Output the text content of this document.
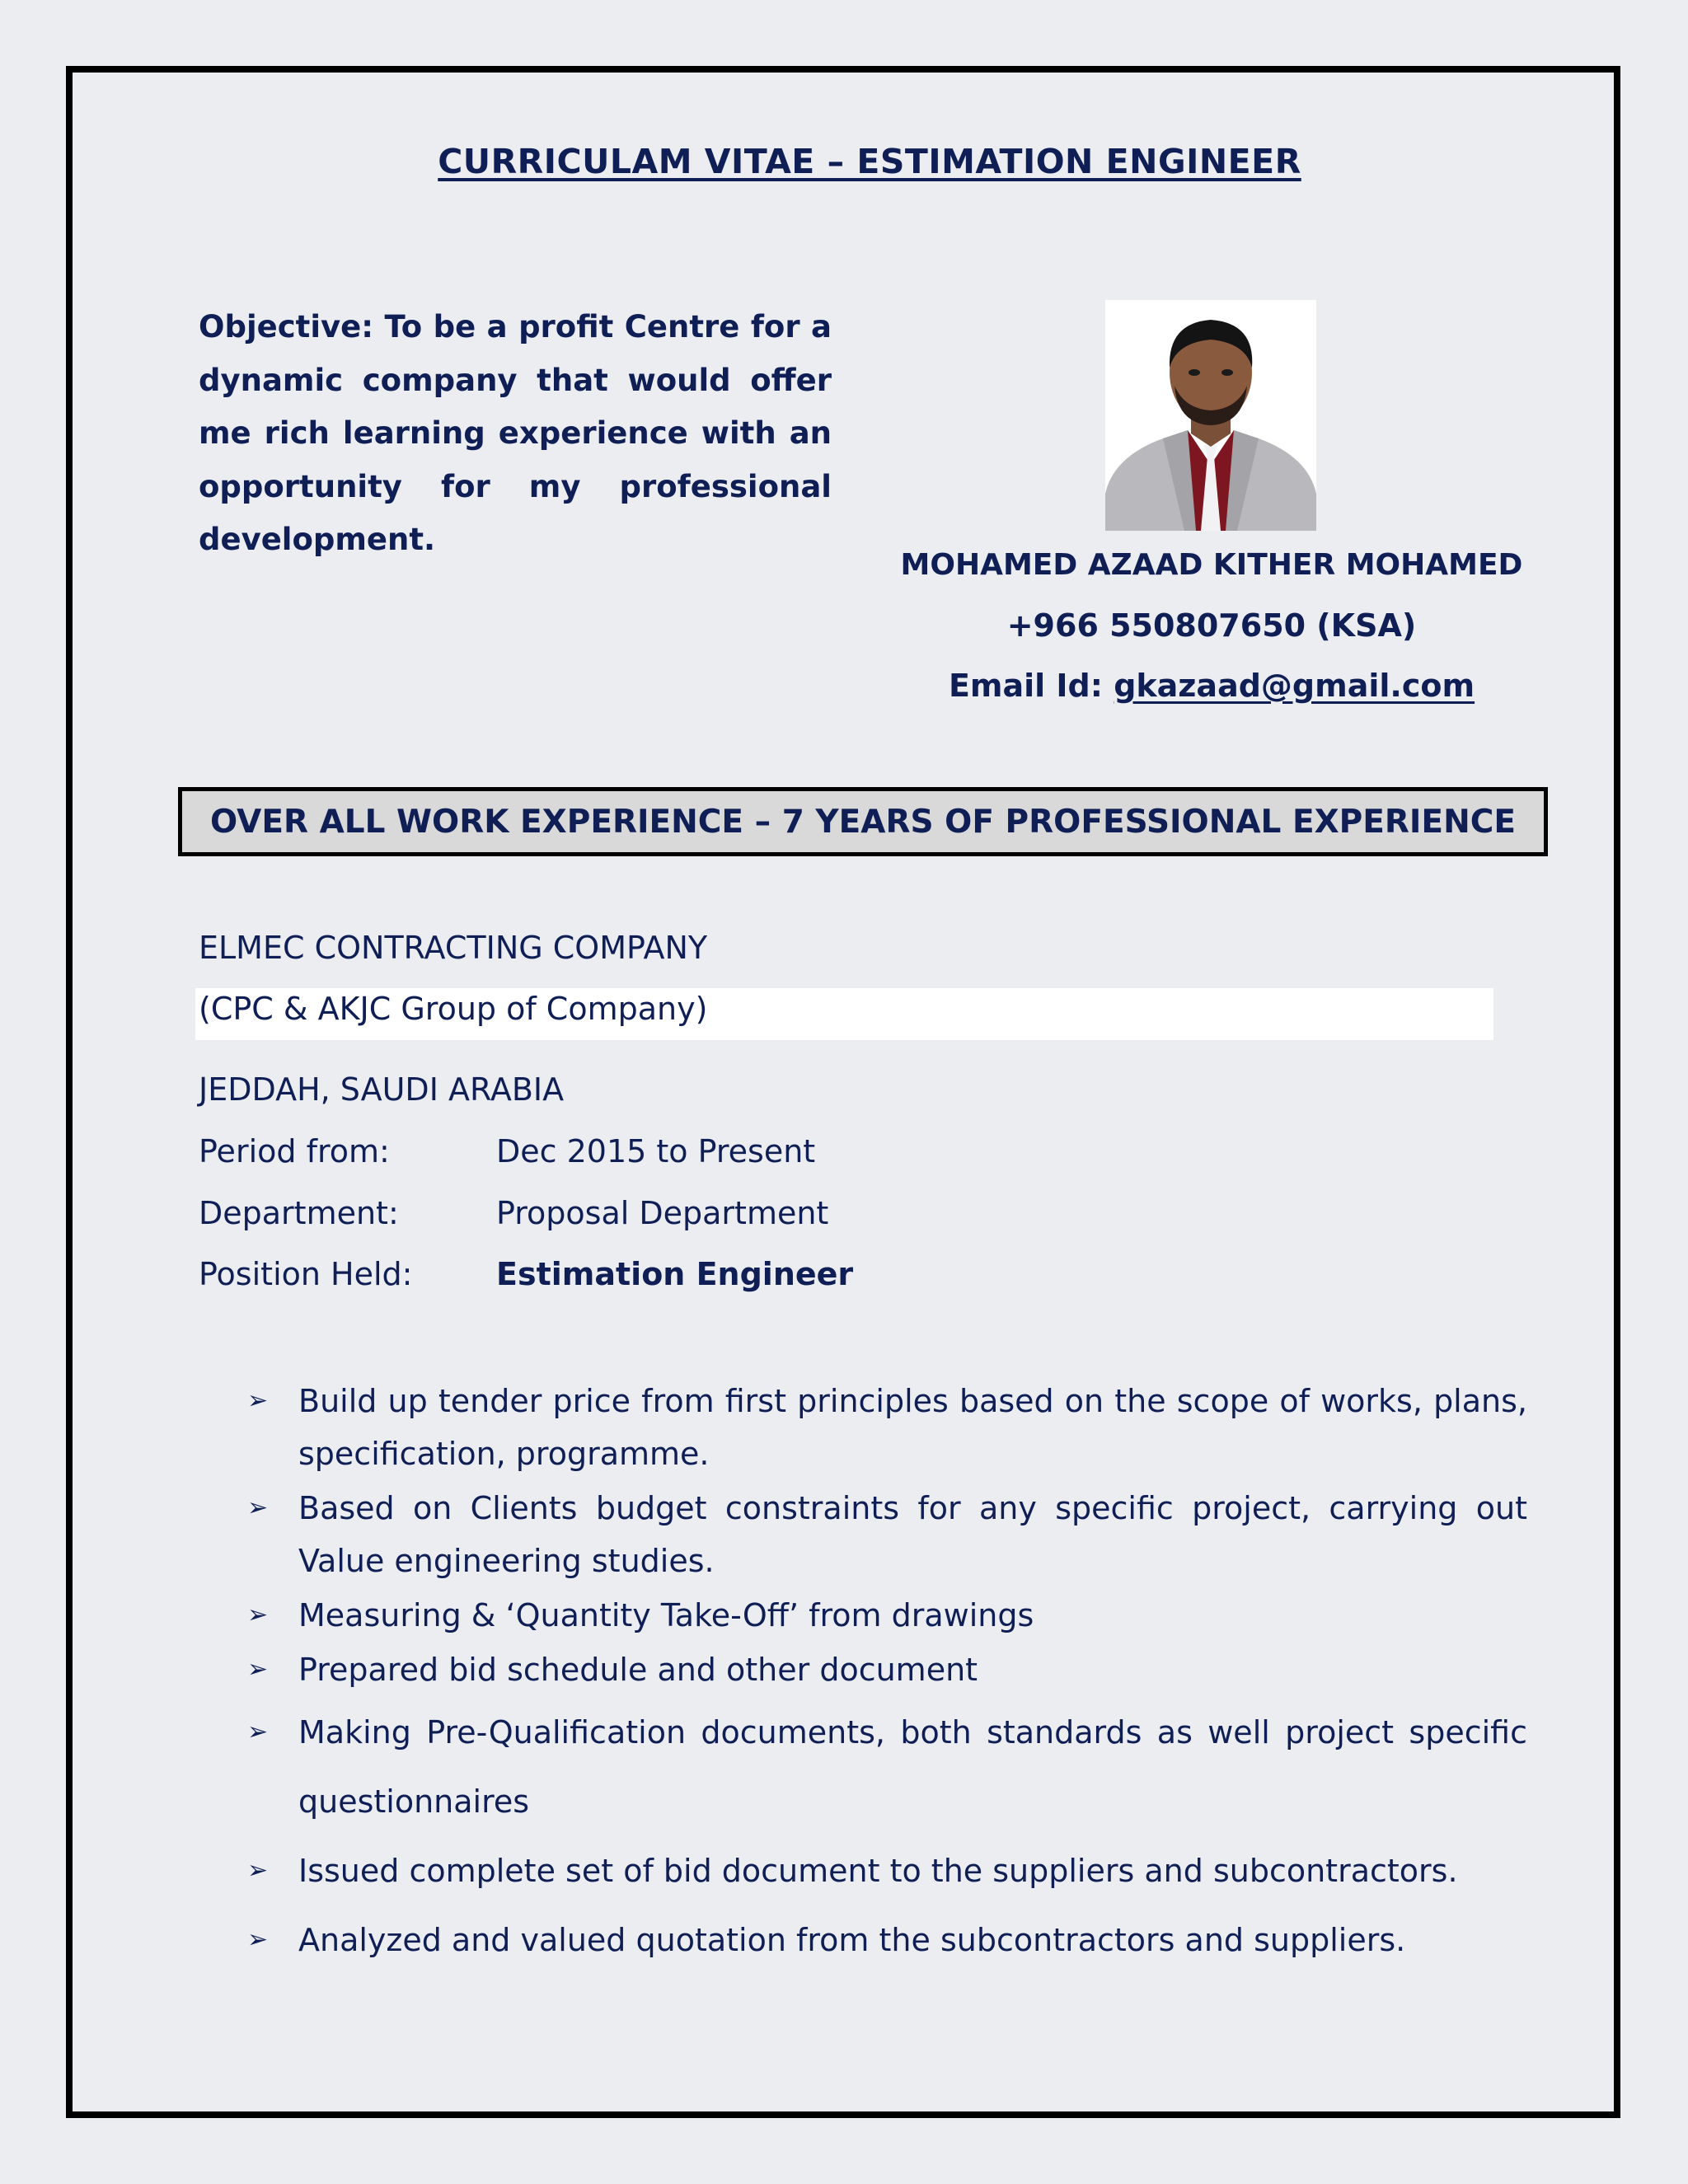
CURRICULAM VITAE – ESTIMATION ENGINEER
Objective: To be a profit Centre for a dynamic company that would offer me rich learning experience with an opportunity for my professional development.
MOHAMED AZAAD KITHER MOHAMED
+966 550807650 (KSA)
Email Id: gkazaad@gmail.com
OVER ALL WORK EXPERIENCE – 7 YEARS OF PROFESSIONAL EXPERIENCE
ELMEC CONTRACTING COMPANY
(CPC & AKJC Group of Company)
JEDDAH, SAUDI ARABIA
Period from:	Dec 2015 to Present
Department:	Proposal Department
Position Held:	Estimation Engineer
➢ Build up tender price from first principles based on the scope of works, plans, specification, programme.
➢ Based on Clients budget constraints for any specific project, carrying out Value engineering studies.
➢ Measuring & ‘Quantity Take-Off’ from drawings
➢ Prepared bid schedule and other document
➢ Making Pre-Qualification documents, both standards as well project specific questionnaires
➢ Issued complete set of bid document to the suppliers and subcontractors.
➢ Analyzed and valued quotation from the subcontractors and suppliers.
